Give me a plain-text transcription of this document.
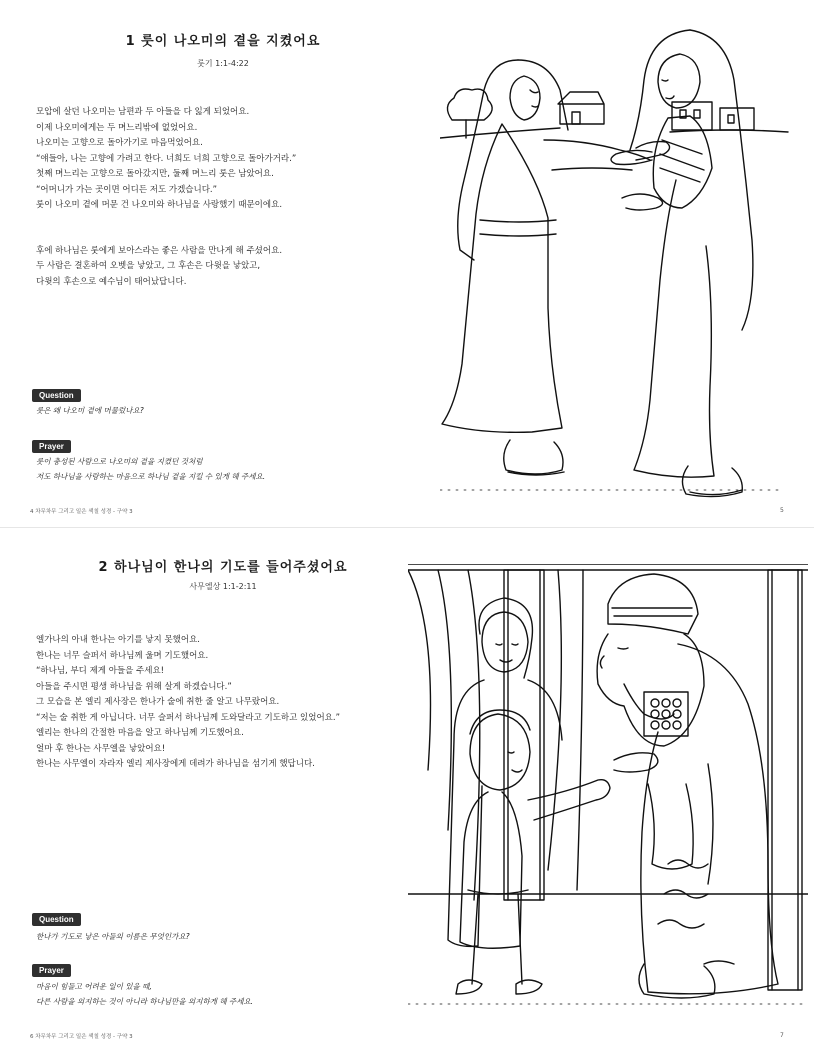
1 룻이 나오미의 곁을 지켰어요
룻기 1:1-4:22

모압에 살던 나오미는 남편과 두 아들을 다 잃게 되었어요.
이제 나오미에게는 두 며느리밖에 없었어요.
나오미는 고향으로 돌아가기로 마음먹었어요.
“얘들아, 나는 고향에 가려고 한다. 너희도 너희 고향으로 돌아가거라.”
첫째 며느리는 고향으로 돌아갔지만, 둘째 며느리 룻은 남았어요.
“어머니가 가는 곳이면 어디든 저도 가겠습니다.”
룻이 나오미 곁에 머문 건 나오미와 하나님을 사랑했기 때문이에요.

후에 하나님은 룻에게 보아스라는 좋은 사람을 만나게 해 주셨어요.
두 사람은 결혼하여 오벳을 낳았고, 그 후손은 다윗을 낳았고,
다윗의 후손으로 예수님이 태어났답니다.

Question
룻은 왜 나오미 곁에 머물렀나요?
Prayer
룻이 충성된 사람으로 나오미의 곁을 지켰던 것처럼
저도 하나님을 사랑하는 마음으로 하나님 곁을 지킬 수 있게 해 주세요.
4 차무차무 그리고 일은 색칠 성경 - 구약 3	5
2 하나님이 한나의 기도를 들어주셨어요
사무엘상 1:1-2:11

엘가나의 아내 한나는 아기를 낳지 못했어요.
한나는 너무 슬퍼서 하나님께 울며 기도했어요.
“하나님, 부디 제게 아들을 주세요!
아들을 주시면 평생 하나님을 위해 살게 하겠습니다.”
그 모습을 본 엘리 제사장은 한나가 술에 취한 줄 알고 나무랐어요.
“저는 술 취한 게 아닙니다. 너무 슬퍼서 하나님께 도와달라고 기도하고 있었어요.”
엘리는 한나의 간절한 마음을 알고 하나님께 기도했어요.
얼마 후 한나는 사무엘을 낳았어요!
한나는 사무엘이 자라자 엘리 제사장에게 데려가 하나님을 섬기게 했답니다.

Question
한나가 기도로 낳은 아들의 이름은 무엇인가요?
Prayer
마음이 힘들고 어려운 일이 있을 때,
다른 사람을 의지하는 것이 아니라 하나님만을 의지하게 해 주세요.
6 차무차무 그리고 일은 색칠 성경 - 구약 3	7
